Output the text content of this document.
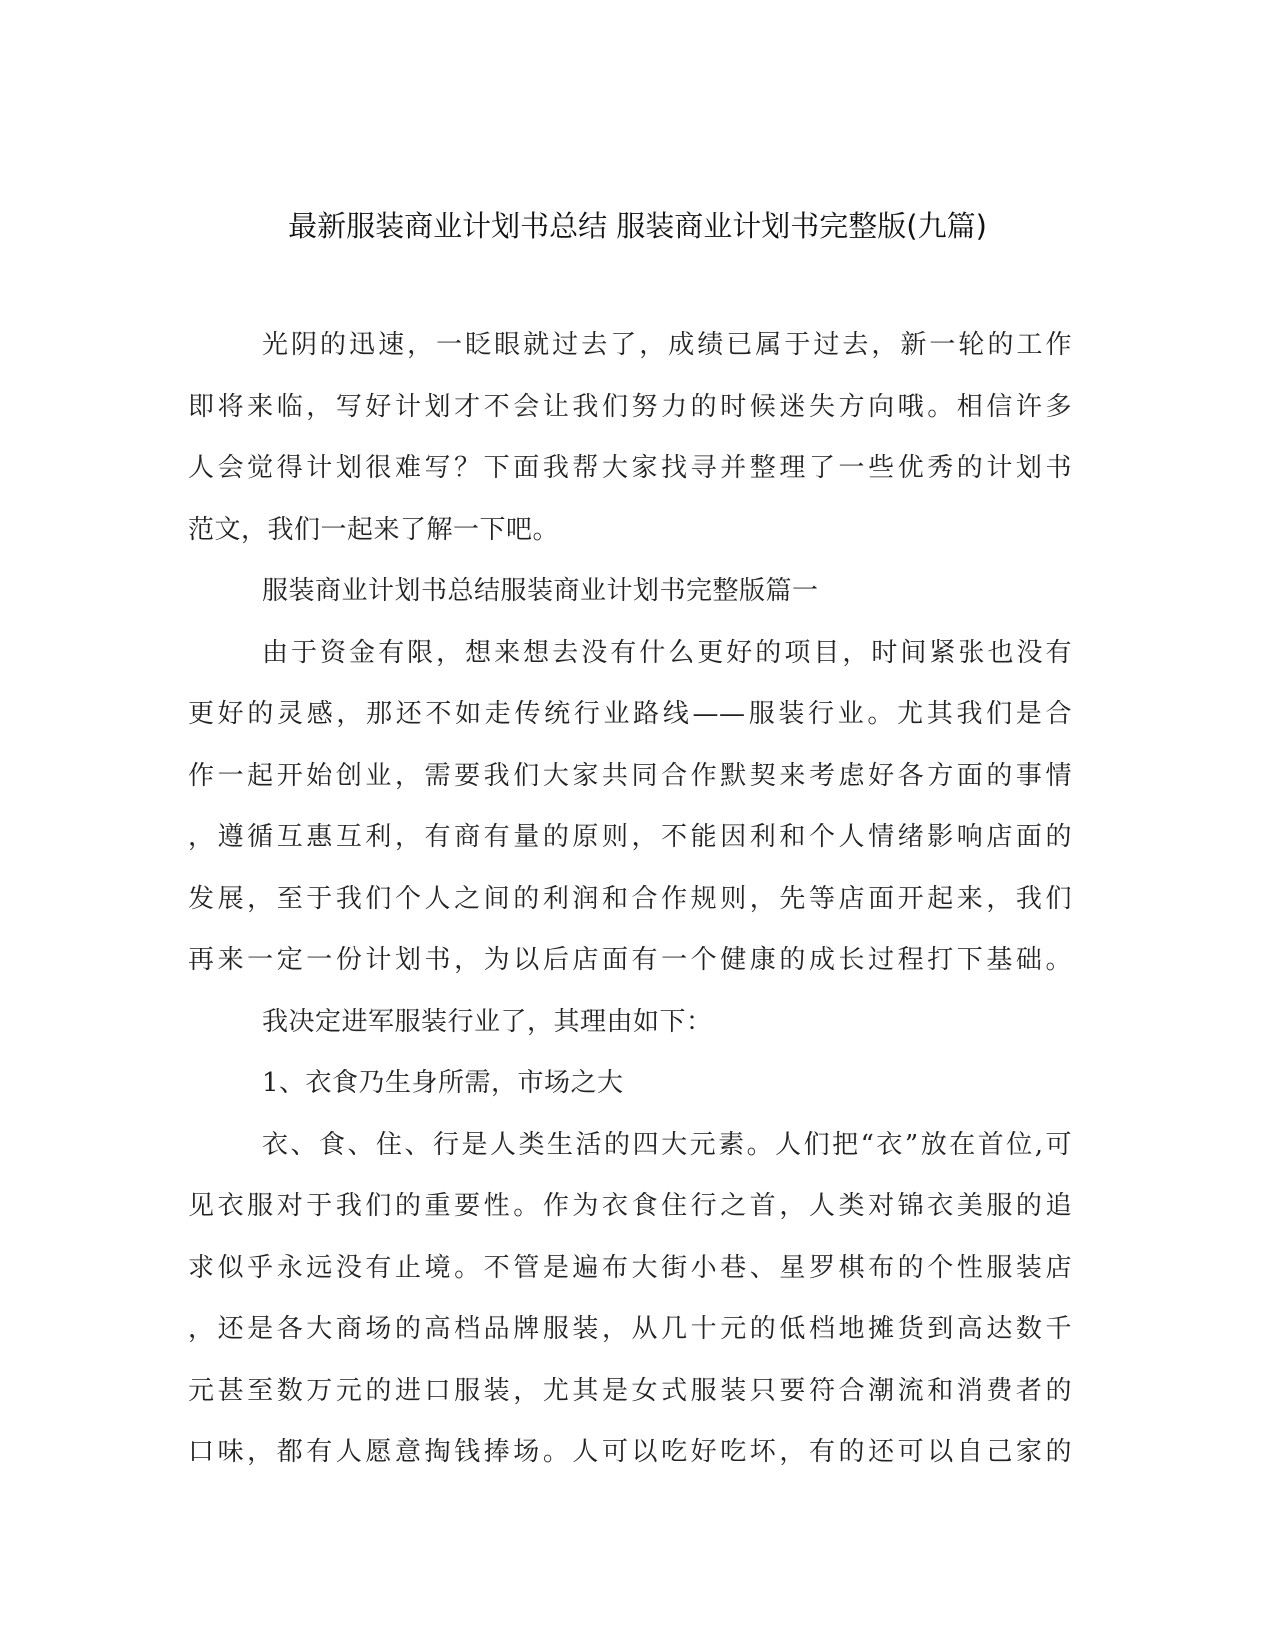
最新服装商业计划书总结 服装商业计划书完整版(九篇)
光阴的迅速，一眨眼就过去了，成绩已属于过去，新一轮的工作
即将来临，写好计划才不会让我们努力的时候迷失方向哦。相信许多
人会觉得计划很难写？下面我帮大家找寻并整理了一些优秀的计划书
范文，我们一起来了解一下吧。
服装商业计划书总结服装商业计划书完整版篇一
由于资金有限，想来想去没有什么更好的项目，时间紧张也没有
更好的灵感，那还不如走传统行业路线——服装行业。尤其我们是合
作一起开始创业，需要我们大家共同合作默契来考虑好各方面的事情
，遵循互惠互利，有商有量的原则，不能因利和个人情绪影响店面的
发展，至于我们个人之间的利润和合作规则，先等店面开起来，我们
再来一定一份计划书，为以后店面有一个健康的成长过程打下基础。
我决定进军服装行业了，其理由如下：
1、衣食乃生身所需，市场之大
衣、食、住、行是人类生活的四大元素。人们把“衣”放在首位,可
见衣服对于我们的重要性。作为衣食住行之首，人类对锦衣美服的追
求似乎永远没有止境。不管是遍布大街小巷、星罗棋布的个性服装店
，还是各大商场的高档品牌服装，从几十元的低档地摊货到高达数千
元甚至数万元的进口服装，尤其是女式服装只要符合潮流和消费者的
口味，都有人愿意掏钱捧场。人可以吃好吃坏，有的还可以自己家的
